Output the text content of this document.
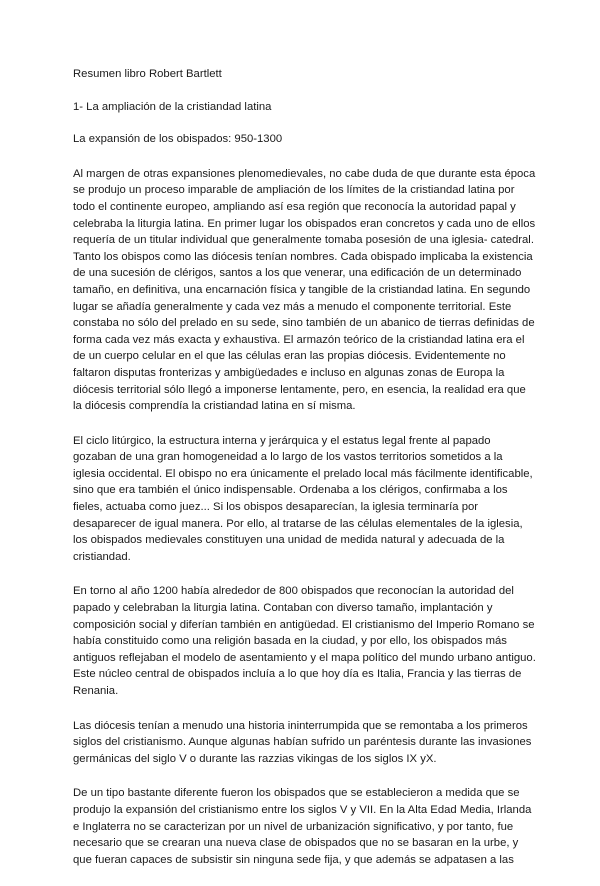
Resumen libro Robert Bartlett

1- La ampliación de la cristiandad latina

La expansión de los obispados: 950-1300

Al margen de otras expansiones plenomedievales, no cabe duda de que durante esta época

se produjo un proceso imparable de ampliación de los límites de la cristiandad latina por

todo el continente europeo, ampliando así esa región que reconocía la autoridad papal y

celebraba la liturgia latina. En primer lugar los obispados eran concretos y cada uno de ellos

requería de un titular individual que generalmente tomaba posesión de una iglesia- catedral.

Tanto los obispos como las diócesis tenían nombres. Cada obispado implicaba la existencia

de una sucesión de clérigos, santos a los que venerar, una edificación de un determinado

tamaño, en definitiva, una encarnación física y tangible de la cristiandad latina. En segundo

lugar se añadía generalmente y cada vez más a menudo el componente territorial. Este

constaba no sólo del prelado en su sede, sino también de un abanico de tierras definidas de

forma cada vez más exacta y exhaustiva. El armazón teórico de la cristiandad latina era el

de un cuerpo celular en el que las células eran las propias diócesis. Evidentemente no

faltaron disputas fronterizas y ambigüedades e incluso en algunas zonas de Europa la

diócesis territorial sólo llegó a imponerse lentamente, pero, en esencia, la realidad era que

la diócesis comprendía la cristiandad latina en sí misma.

El ciclo litúrgico, la estructura interna y jerárquica y el estatus legal frente al papado

gozaban de una gran homogeneidad a lo largo de los vastos territorios sometidos a la

iglesia occidental. El obispo no era únicamente el prelado local más fácilmente identificable,

sino que era también el único indispensable. Ordenaba a los clérigos, confirmaba a los

fieles, actuaba como juez... Si los obispos desaparecían, la iglesia terminaría por

desaparecer de igual manera. Por ello, al tratarse de las células elementales de la iglesia,

los obispados medievales constituyen una unidad de medida natural y adecuada de la

cristiandad.

En torno al año 1200 había alrededor de 800 obispados que reconocían la autoridad del

papado y celebraban la liturgia latina. Contaban con diverso tamaño, implantación y

composición social y diferían también en antigüedad. El cristianismo del Imperio Romano se

había constituido como una religión basada en la ciudad, y por ello, los obispados más

antiguos reflejaban el modelo de asentamiento y el mapa político del mundo urbano antiguo.

Este núcleo central de obispados incluía a lo que hoy día es Italia, Francia y las tierras de

Renania.

Las diócesis tenían a menudo una historia ininterrumpida que se remontaba a los primeros

siglos del cristianismo. Aunque algunas habían sufrido un paréntesis durante las invasiones

germánicas del siglo V o durante las razzias vikingas de los siglos IX yX.

De un tipo bastante diferente fueron los obispados que se establecieron a medida que se

produjo la expansión del cristianismo entre los siglos V y VII. En la Alta Edad Media, Irlanda

e Inglaterra no se caracterizan por un nivel de urbanización significativo, y por tanto, fue

necesario que se crearan una nueva clase de obispados que no se basaran en la urbe, y

que fueran capaces de subsistir sin ninguna sede fija, y que además se adpatasen a las
